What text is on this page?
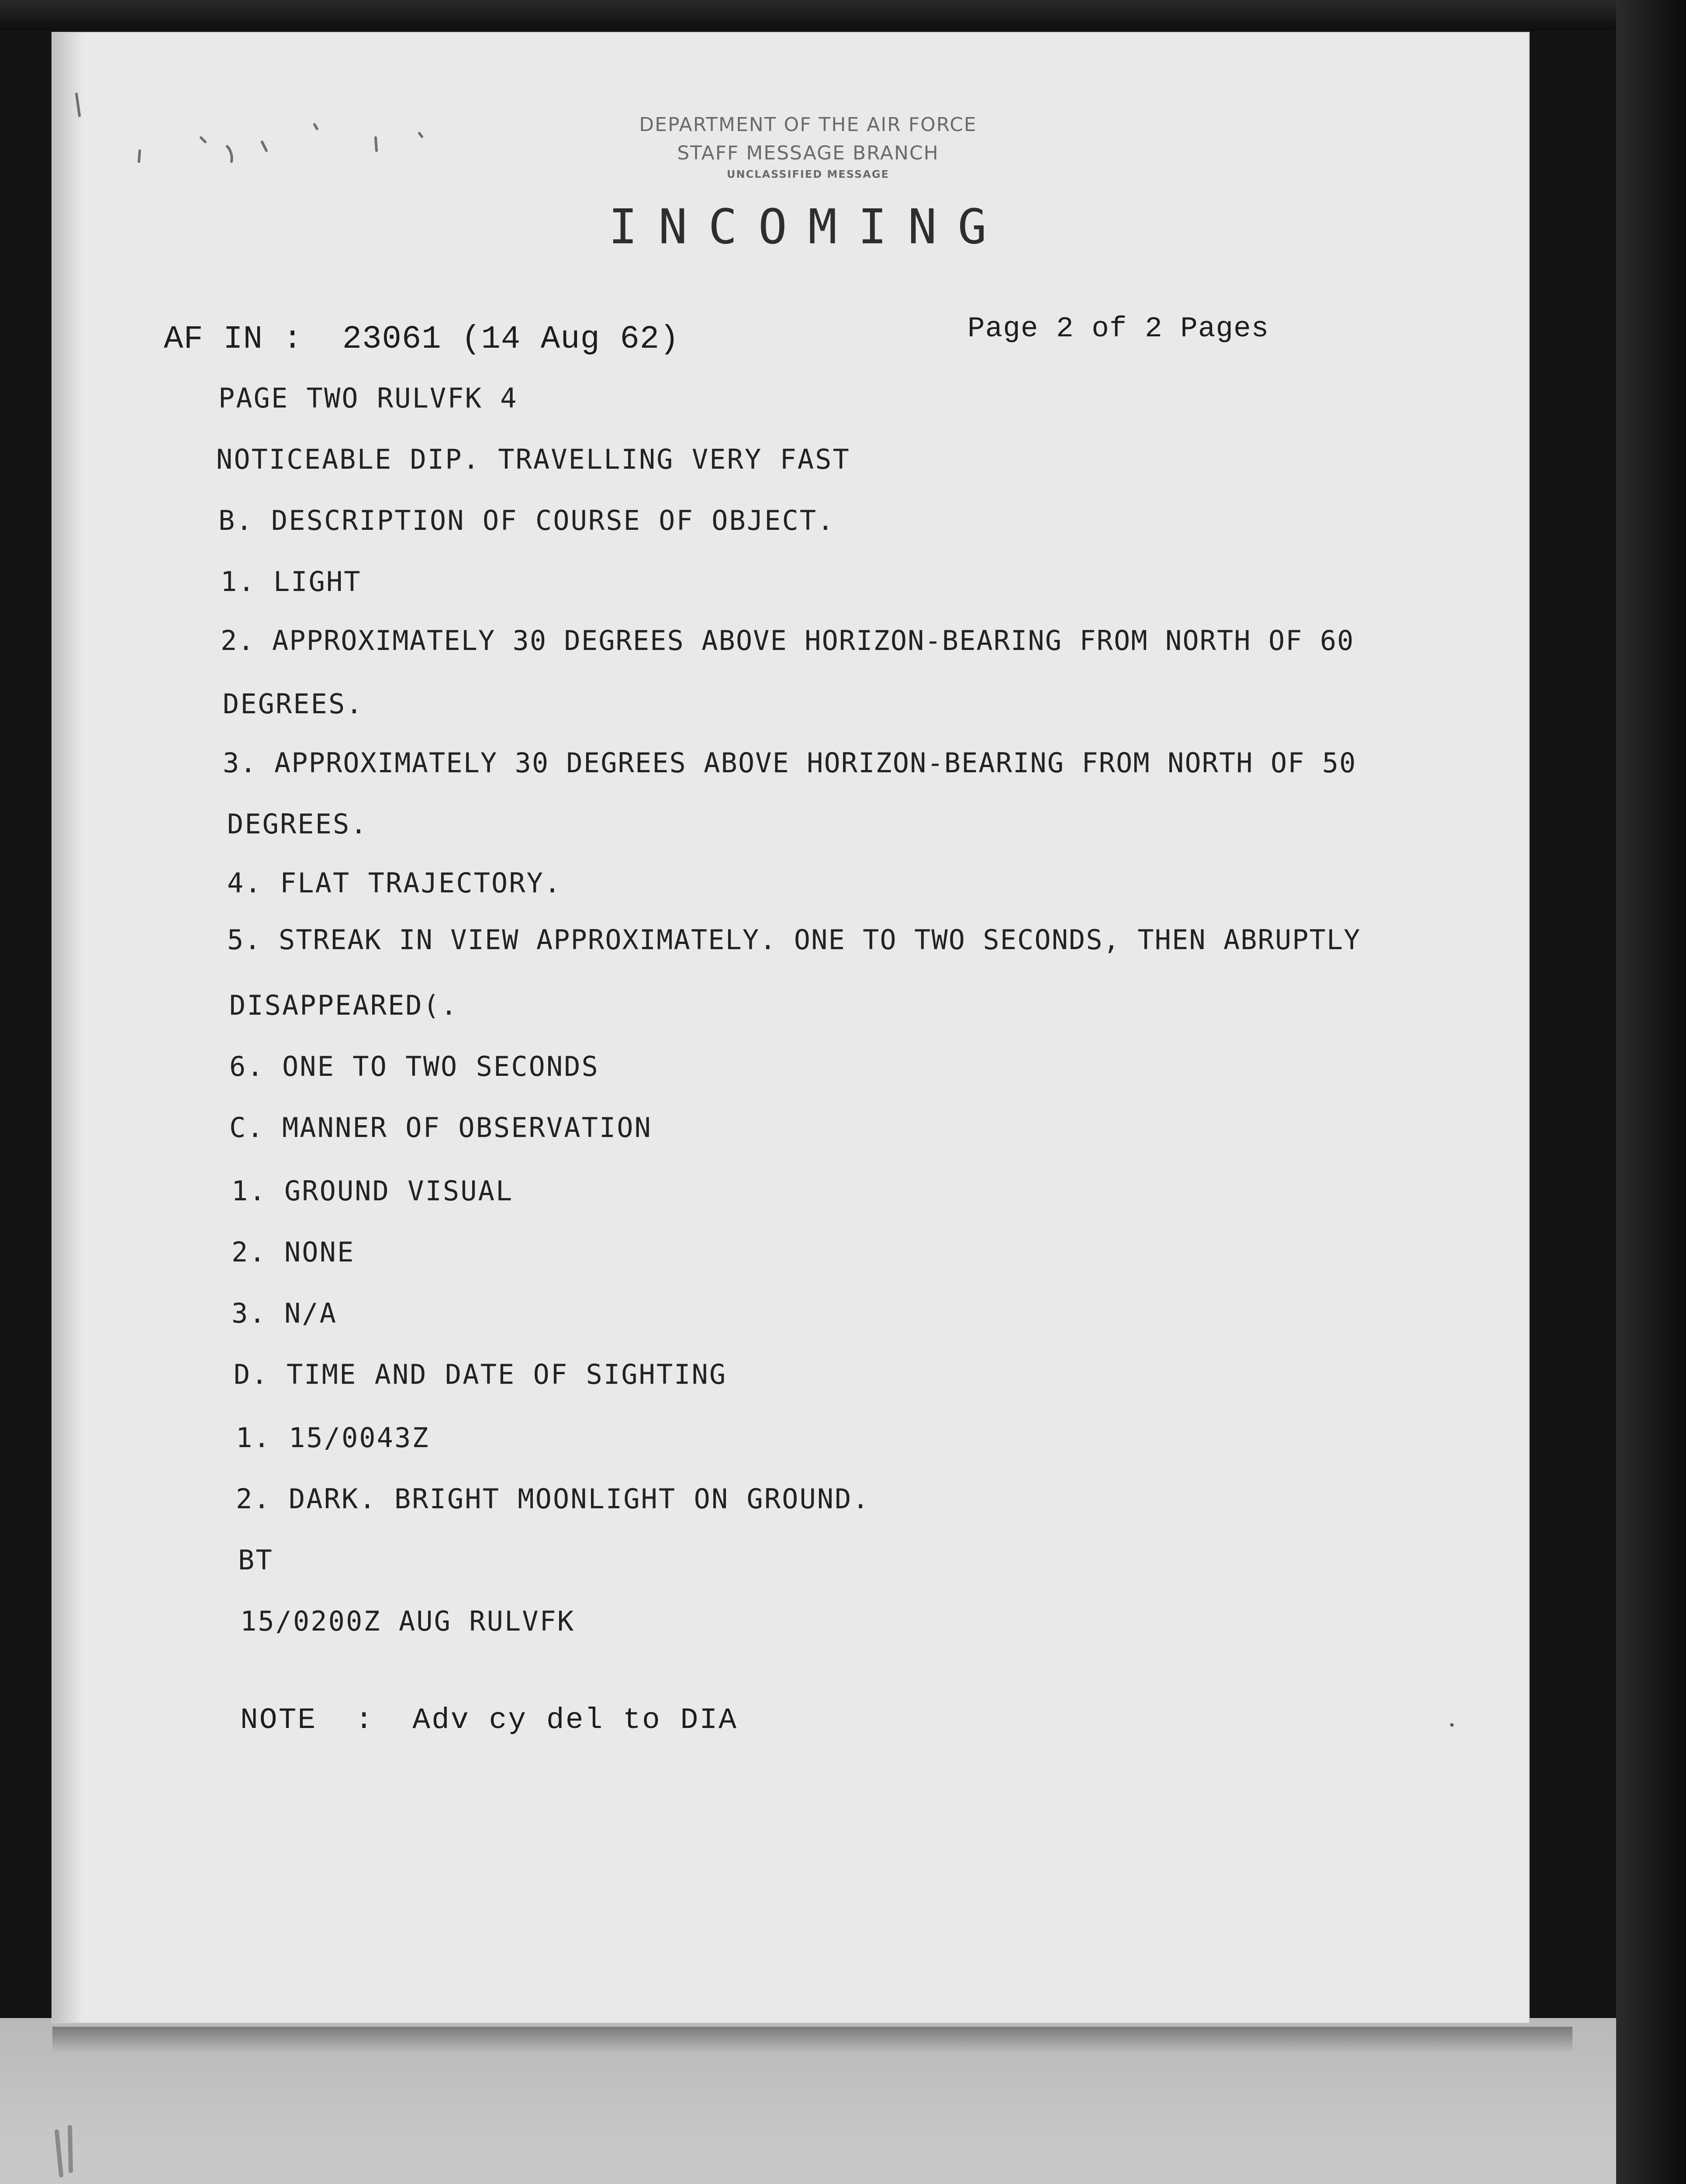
DEPARTMENT OF THE AIR FORCE
STAFF MESSAGE BRANCH
UNCLASSIFIED MESSAGE
INCOMING
AF IN :  23061 (14 Aug 62)	Page 2 of 2 Pages
PAGE TWO RULVFK 4
NOTICEABLE DIP. TRAVELLING VERY FAST
B. DESCRIPTION OF COURSE OF OBJECT.
1. LIGHT
2. APPROXIMATELY 30 DEGREES ABOVE HORIZON-BEARING FROM NORTH OF 60
DEGREES.
3. APPROXIMATELY 30 DEGREES ABOVE HORIZON-BEARING FROM NORTH OF 50
DEGREES.
4. FLAT TRAJECTORY.
5. STREAK IN VIEW APPROXIMATELY. ONE TO TWO SECONDS, THEN ABRUPTLY
DISAPPEARED(.
6. ONE TO TWO SECONDS
C. MANNER OF OBSERVATION
1. GROUND VISUAL
2. NONE
3. N/A
D. TIME AND DATE OF SIGHTING
1. 15/0043Z
2. DARK. BRIGHT MOONLIGHT ON GROUND.
BT
15/0200Z AUG RULVFK
NOTE  :  Adv cy del to DIA
